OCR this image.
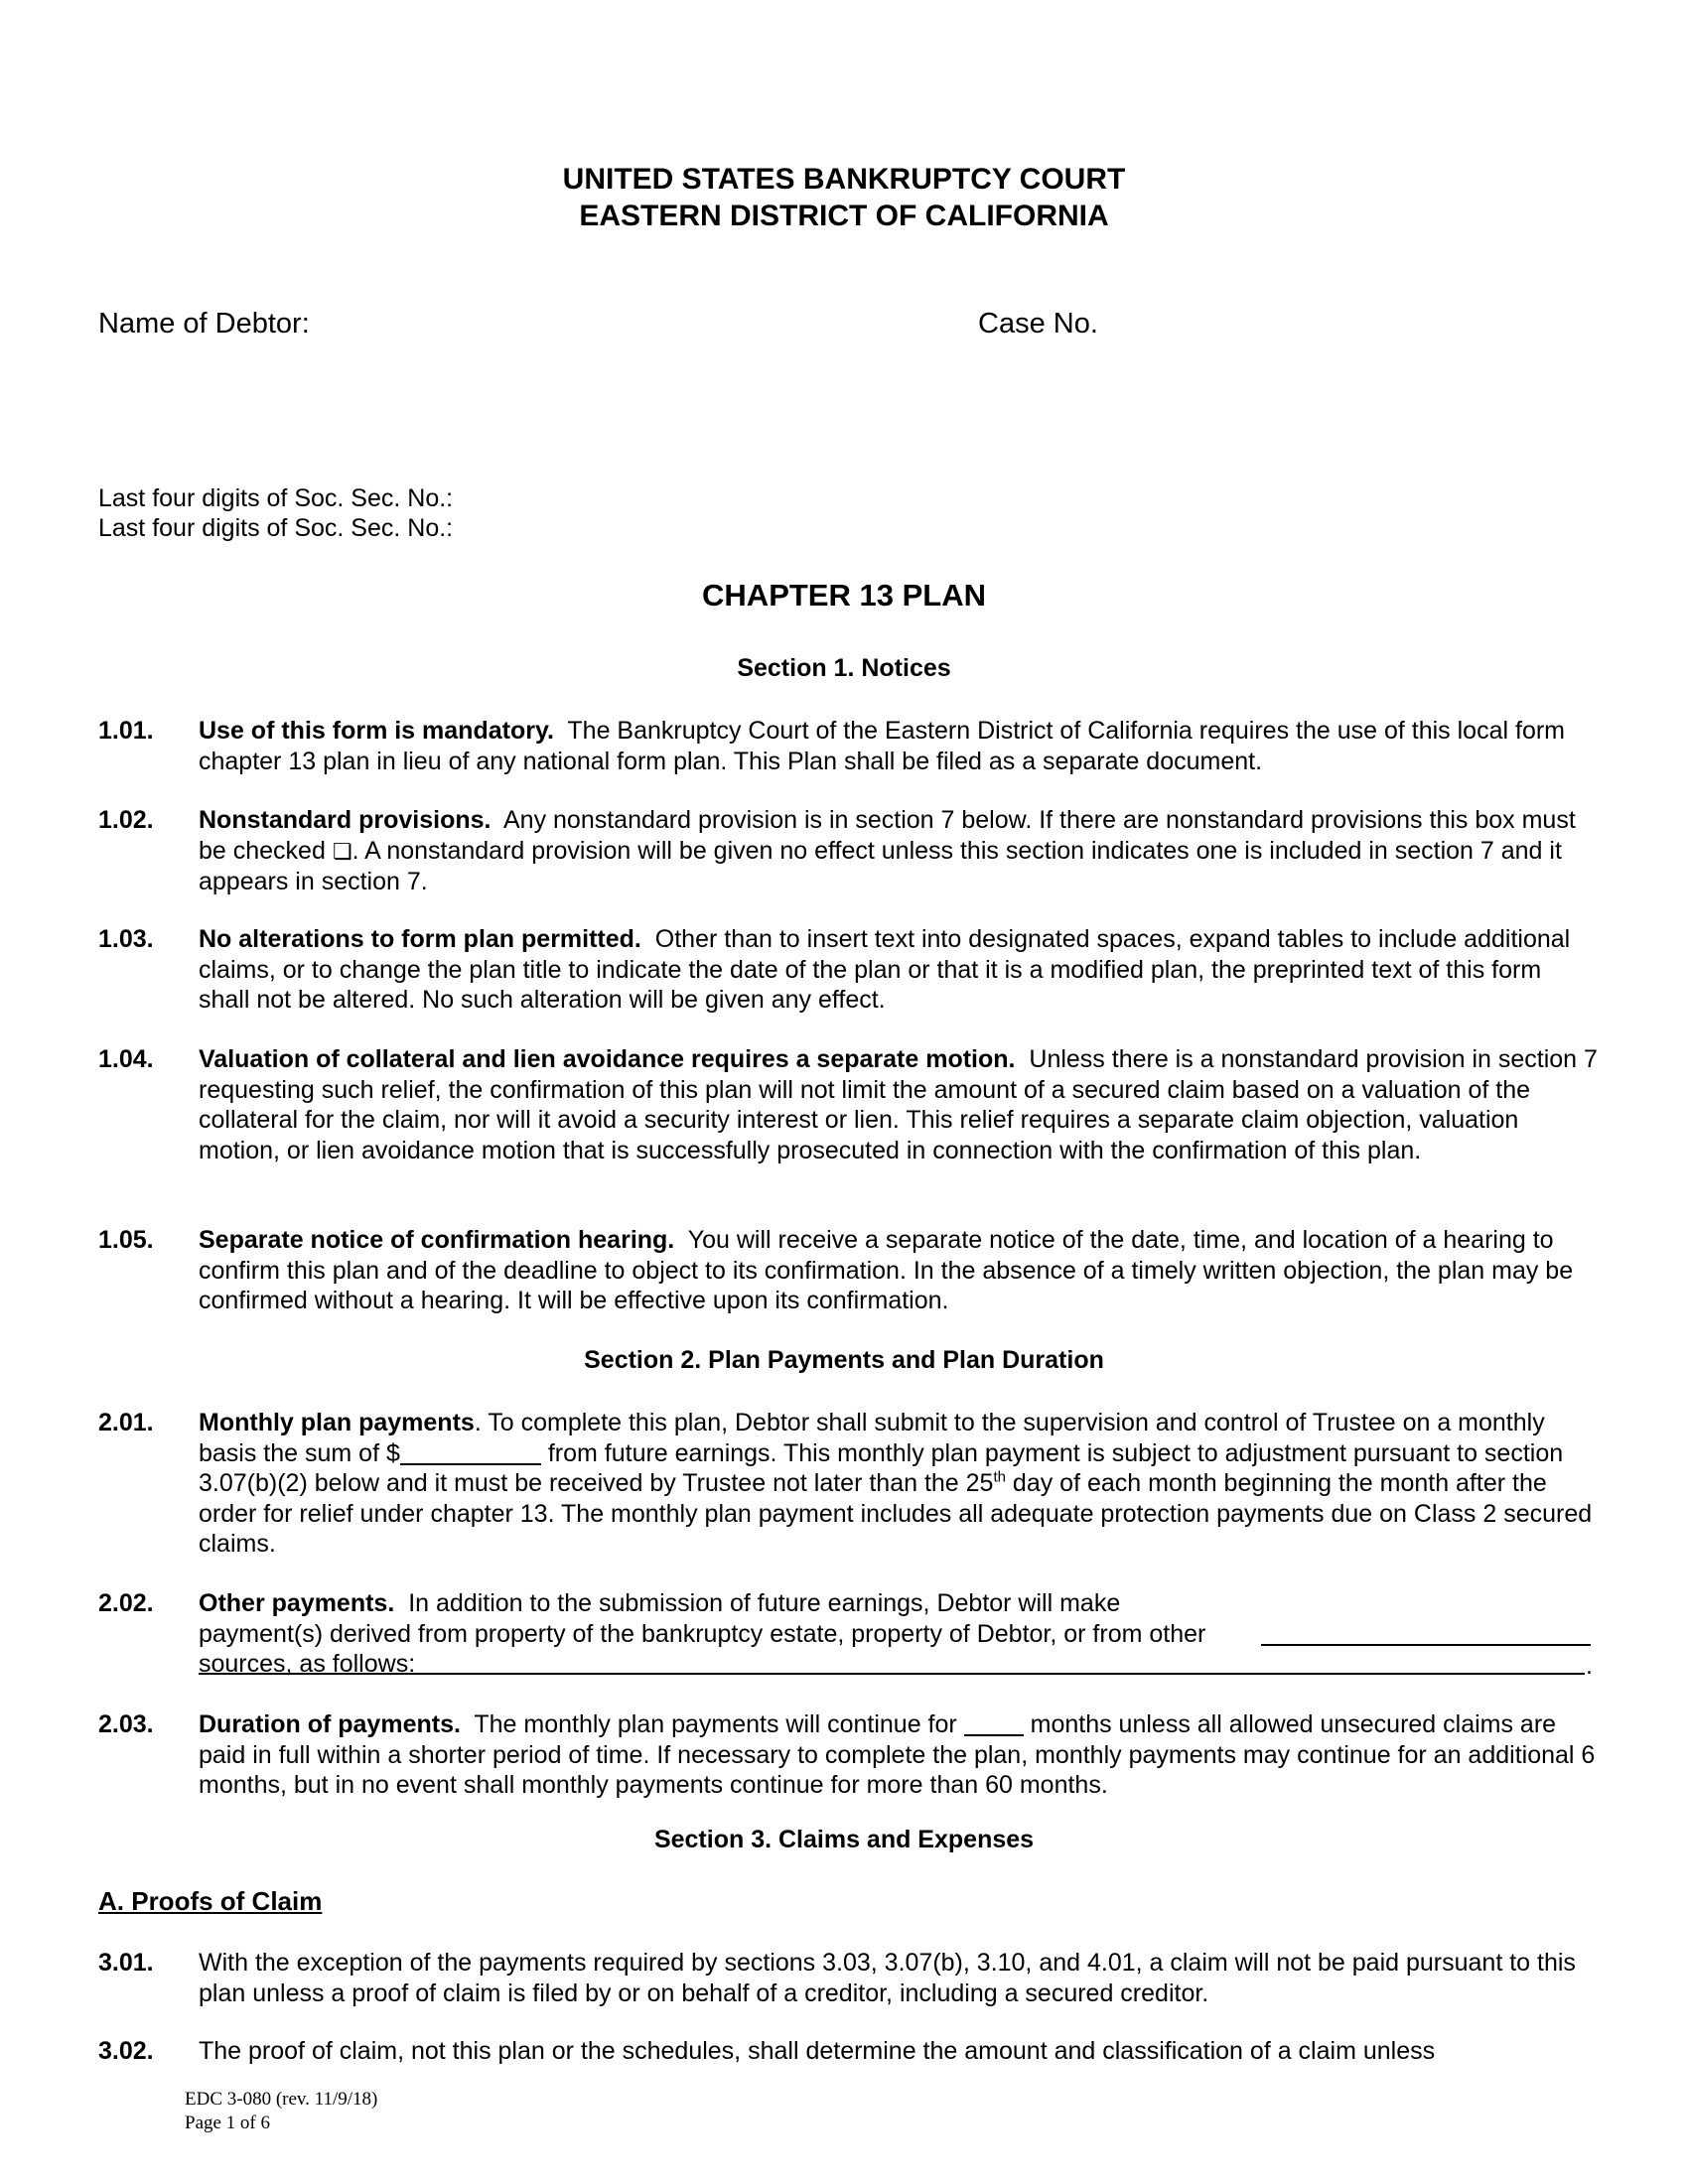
UNITED STATES BANKRUPTCY COURT
EASTERN DISTRICT OF CALIFORNIA
Name of Debtor:	Case No.
Last four digits of Soc. Sec. No.:
Last four digits of Soc. Sec. No.:
CHAPTER 13 PLAN
Section 1. Notices
1.01. Use of this form is mandatory. The Bankruptcy Court of the Eastern District of California requires the use of this local form chapter 13 plan in lieu of any national form plan. This Plan shall be filed as a separate document.
1.02. Nonstandard provisions. Any nonstandard provision is in section 7 below. If there are nonstandard provisions this box must be checked ❏. A nonstandard provision will be given no effect unless this section indicates one is included in section 7 and it appears in section 7.
1.03. No alterations to form plan permitted. Other than to insert text into designated spaces, expand tables to include additional claims, or to change the plan title to indicate the date of the plan or that it is a modified plan, the preprinted text of this form shall not be altered. No such alteration will be given any effect.
1.04. Valuation of collateral and lien avoidance requires a separate motion. Unless there is a nonstandard provision in section 7 requesting such relief, the confirmation of this plan will not limit the amount of a secured claim based on a valuation of the collateral for the claim, nor will it avoid a security interest or lien. This relief requires a separate claim objection, valuation motion, or lien avoidance motion that is successfully prosecuted in connection with the confirmation of this plan.
1.05. Separate notice of confirmation hearing. You will receive a separate notice of the date, time, and location of a hearing to confirm this plan and of the deadline to object to its confirmation. In the absence of a timely written objection, the plan may be confirmed without a hearing. It will be effective upon its confirmation.
Section 2. Plan Payments and Plan Duration
2.01. Monthly plan payments. To complete this plan, Debtor shall submit to the supervision and control of Trustee on a monthly basis the sum of $	from future earnings. This monthly plan payment is subject to adjustment pursuant to section 3.07(b)(2) below and it must be received by Trustee not later than the 25th day of each month beginning the month after the order for relief under chapter 13. The monthly plan payment includes all adequate protection payments due on Class 2 secured claims.
2.02. Other payments. In addition to the submission of future earnings, Debtor will make payment(s) derived from property of the bankruptcy estate, property of Debtor, or from other sources, as follows:	.
2.03. Duration of payments. The monthly plan payments will continue for	months unless all allowed unsecured claims are paid in full within a shorter period of time. If necessary to complete the plan, monthly payments may continue for an additional 6 months, but in no event shall monthly payments continue for more than 60 months.
Section 3. Claims and Expenses
A. Proofs of Claim
3.01. With the exception of the payments required by sections 3.03, 3.07(b), 3.10, and 4.01, a claim will not be paid pursuant to this plan unless a proof of claim is filed by or on behalf of a creditor, including a secured creditor.
3.02. The proof of claim, not this plan or the schedules, shall determine the amount and classification of a claim unless
EDC 3-080 (rev. 11/9/18)
Page 1 of 6
